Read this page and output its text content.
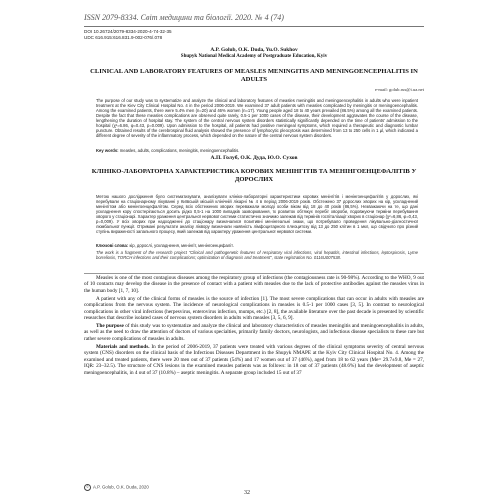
ISSN 2079-8334. Світ медицини та біології. 2020. № 4 (74)
DOI 10.26724/2079-8334-2020-4-74-32-35
UDC 616.915:616.831.9-002-076/.078
A.P. Golub, O.K. Duda, Yu.O. Sukhov
Shupyk National Medical Academy of Postgraduate Education, Kyiv
CLINICAL AND LABORATORY FEATURES OF MEASLES MENINGITIS AND MENINGOENCEPHALITIS IN ADULTS
e-mail: golub.rus@i.ua.net
The purpose of our study was to systematize and analyze the clinical and laboratory features of measles meningitis and meningoencephalitis in adults who were inpatient treatment at the Kiev City Clinical Hospital No. 4 in the period 2006-2019. We examined 37 adult patients with measles complicated by meningitis or meningoencephalitis. Among the examined patients, there were 5.4% men (n=20) and 46% women (n=17). Young people aged 18 to 40 years prevailed (86.5%) among all the examined patients. Despite the fact that these measles complications are observed quite rarely, 0.5-1 per 1000 cases of the disease, their development aggravates the course of the disease, lengthening the duration of hospital stay. The system of the central nervous system disorders statistically significantly depended on the time of patients' admission to the hospital (χ²=6.86, φ=0.43, p=0.009). Upon admission to the hospital, all patients had positive meningeal symptoms, which required a therapeutic and diagnostic lumbar puncture. Obtained results of the cerebrospinal fluid analysis showed the presence of lymphocytic pleocytosis was determined from 13 to 250 cells in 1 µl, which indicated a different degree of severity of the inflammatory process, which depended on the nature of the central nervous system disorders.
Key words: measles, adults, complications, meningitis, meningoencephalitis.
А.П. Голуб, О.К. Дуда, Ю.О. Сухов
КЛІНІКО-ЛАБОРАТОРНА ХАРАКТЕРИСТИКА КОРОВИХ МЕНІНГІТІВ ТА МЕНІНГОЕНЦЕФАЛІТІВ У ДОРОСЛИХ
Метою нашого дослідження було систематизувати, аналізувати клініко-лабораторні характеристики корових менінгітів і менінгоенцефалітів у дорослих, які перебували на стаціонарному лікуванні у Київській міській клінічній лікарні № 4 в період 2006-2019 років. Обстежено 37 дорослих хворих на кір, ускладнений менінгітом або менінгоенцефалітом. Серед всіх обстежених хворих переважали молоді особи віком від 18 до 40 років (86,5%). Незважаючи на те, що дані ускладнення кору спостерігаються досить рідко 0,5-1 на 1000 випадків захворювання, їх розвиток обтяжує перебіг хвороби, подовжуючи терміни перебування хворого у стаціонарі. Характер ураження центральної нервової системи статистично значимо залежав від термінів госпіталізації хворих в стаціонар (χ²=6,86, φ=0,43, p=0,009). У всіх хворих при надходженні до стаціонару визначалися позитивні менінгеальні знаки, що потребувало проведення лікувально-діагностичної люмбальної пункції. Отримані результати аналізу ліквору визначали наявність лімфоцитарного плеоцитозу від 13 до 250 клітин в 1 мкл, що свідчило про різний ступінь вираженості запального процесу, який залежав від характеру ураження центральної нервової системи.
Ключові слова: кір, дорослі, ускладнення, менінгіт, менінгоенцефаліт.
The work is a fragment of the research project "Clinical and pathogenetic features of respiratory viral infections, viral hepatitis, intestinal infections, leptospirosis, Lyme borreliosis, TORCH infections and their complications; optimization of diagnosis and treatment", state registration No. 0116U007538.

Measles is one of the most contagious diseases among the respiratory group of infections (the contagiousness rate is 90-98%). According to the WHO, 9 out of 10 contacts may develop the disease in the presence of contact with a patient with measles due to the lack of protective antibodies against the measles virus in the human body [1, 7, 10].

A patient with any of the clinical forms of measles is the source of infection [1]. The most severe complications that can occur in adults with measles are complications from the nervous system. The incidence of neurological complications in measles is 0.5-1 per 1000 cases [3, 5]. In contrast to neurological complications in other viral infections (herpesvirus, enterovirus infection, mumps, etc.) [2, 8], the available literature over the past decade is presented by scientific researches that describe isolated cases of nervous system disorders in adults with measles [3, 5, 6, 9].

The purpose of this study was to systematize and analyze the clinical and laboratory characteristics of measles meningitis and meningoencephalitis in adults, as well as the need to draw the attention of doctors of various specialties, primarily family doctors, neurologists, and infectious disease specialists to these rare but rather severe complications of measles in adults.

Materials and methods. In the period of 2006-2019, 37 patients were treated with various degrees of the clinical symptoms severity of central nervous system (CNS) disorders on the clinical basis of the Infectious Diseases Department in the Shupyk NMAPE at the Kyiv City Clinical Hospital No. 4. Among the examined and treated patients, there were 20 men out of 37 patients (54%) and 17 women out of 37 (46%), aged from 18 to 62 years (Me= 29.7±9.8, Me = 27, IQR: 23–32.5). The structure of CNS lesions in the examined measles patients was as follows: in 18 out of 37 patients (48.6%) had the development of aseptic meningoencephalitis, in 4 out of 37 (10.8%) – aseptic meningitis. A separate group included 15 out of 37

© A.P. Golub, O.K. Duda, 2020
32
